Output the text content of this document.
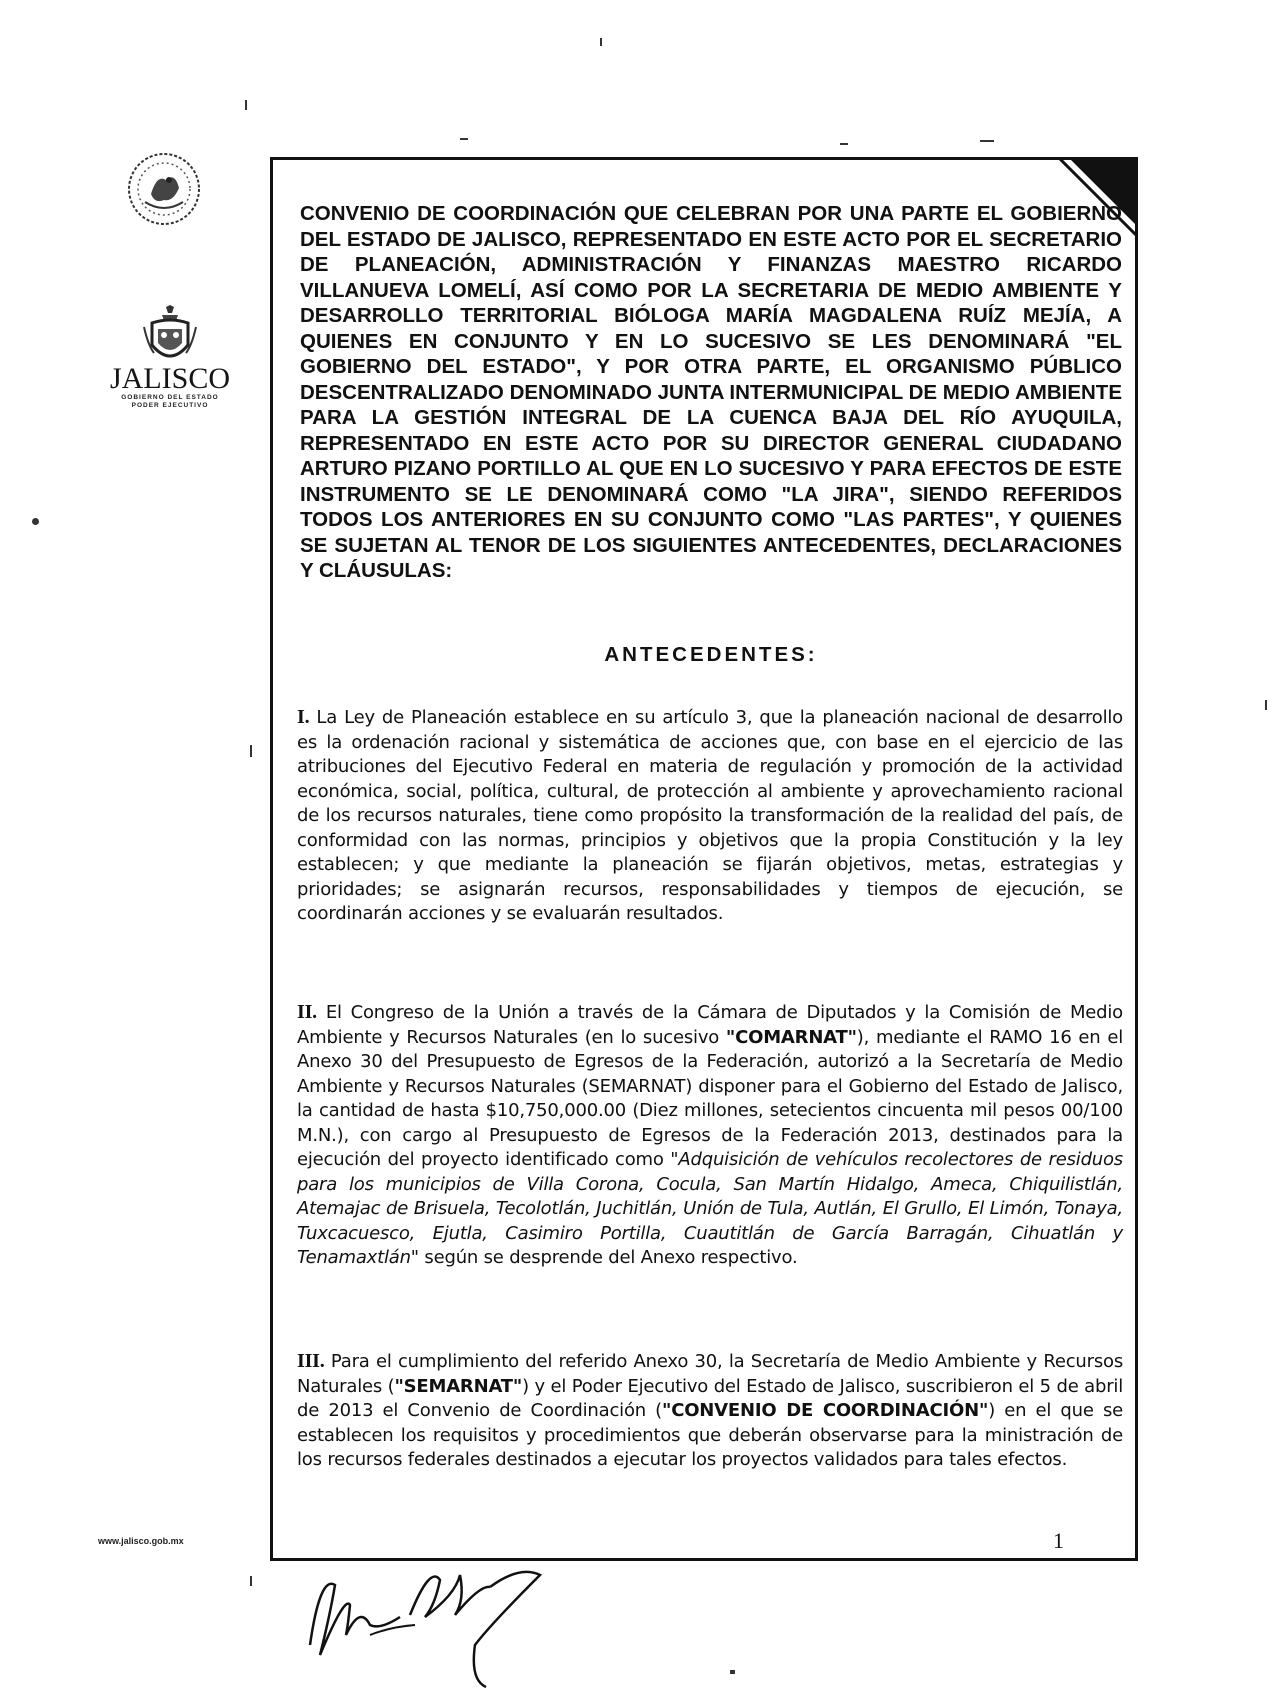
JALISCO
GOBIERNO DEL ESTADO
PODER EJECUTIVO
www.jalisco.gob.mx

CONVENIO DE COORDINACIÓN QUE CELEBRAN POR UNA PARTE EL GOBIERNO DEL ESTADO DE JALISCO, REPRESENTADO EN ESTE ACTO POR EL SECRETARIO DE PLANEACIÓN, ADMINISTRACIÓN Y FINANZAS MAESTRO RICARDO VILLANUEVA LOMELÍ, ASÍ COMO POR LA SECRETARIA DE MEDIO AMBIENTE Y DESARROLLO TERRITORIAL BIÓLOGA MARÍA MAGDALENA RUÍZ MEJÍA, A QUIENES EN CONJUNTO Y EN LO SUCESIVO SE LES DENOMINARÁ "EL GOBIERNO DEL ESTADO", Y POR OTRA PARTE, EL ORGANISMO PÚBLICO DESCENTRALIZADO DENOMINADO JUNTA INTERMUNICIPAL DE MEDIO AMBIENTE PARA LA GESTIÓN INTEGRAL DE LA CUENCA BAJA DEL RÍO AYUQUILA, REPRESENTADO EN ESTE ACTO POR SU DIRECTOR GENERAL CIUDADANO ARTURO PIZANO PORTILLO AL QUE EN LO SUCESIVO Y PARA EFECTOS DE ESTE INSTRUMENTO SE LE DENOMINARÁ COMO "LA JIRA", SIENDO REFERIDOS TODOS LOS ANTERIORES EN SU CONJUNTO COMO "LAS PARTES", Y QUIENES SE SUJETAN AL TENOR DE LOS SIGUIENTES ANTECEDENTES, DECLARACIONES Y CLÁUSULAS:

ANTECEDENTES:

I. La Ley de Planeación establece en su artículo 3, que la planeación nacional de desarrollo es la ordenación racional y sistemática de acciones que, con base en el ejercicio de las atribuciones del Ejecutivo Federal en materia de regulación y promoción de la actividad económica, social, política, cultural, de protección al ambiente y aprovechamiento racional de los recursos naturales, tiene como propósito la transformación de la realidad del país, de conformidad con las normas, principios y objetivos que la propia Constitución y la ley establecen; y que mediante la planeación se fijarán objetivos, metas, estrategias y prioridades; se asignarán recursos, responsabilidades y tiempos de ejecución, se coordinarán acciones y se evaluarán resultados.

II. El Congreso de la Unión a través de la Cámara de Diputados y la Comisión de Medio Ambiente y Recursos Naturales (en lo sucesivo "COMARNAT"), mediante el RAMO 16 en el Anexo 30 del Presupuesto de Egresos de la Federación, autorizó a la Secretaría de Medio Ambiente y Recursos Naturales (SEMARNAT) disponer para el Gobierno del Estado de Jalisco, la cantidad de hasta $10,750,000.00 (Diez millones, setecientos cincuenta mil pesos 00/100 M.N.), con cargo al Presupuesto de Egresos de la Federación 2013, destinados para la ejecución del proyecto identificado como "Adquisición de vehículos recolectores de residuos para los municipios de Villa Corona, Cocula, San Martín Hidalgo, Ameca, Chiquilistlán, Atemajac de Brisuela, Tecolotlán, Juchitlán, Unión de Tula, Autlán, El Grullo, El Limón, Tonaya, Tuxcacuesco, Ejutla, Casimiro Portilla, Cuautitlán de García Barragán, Cihuatlán y Tenamaxtlán" según se desprende del Anexo respectivo.

III. Para el cumplimiento del referido Anexo 30, la Secretaría de Medio Ambiente y Recursos Naturales ("SEMARNAT") y el Poder Ejecutivo del Estado de Jalisco, suscribieron el 5 de abril de 2013 el Convenio de Coordinación ("CONVENIO DE COORDINACIÓN") en el que se establecen los requisitos y procedimientos que deberán observarse para la ministración de los recursos federales destinados a ejecutar los proyectos validados para tales efectos.

1
